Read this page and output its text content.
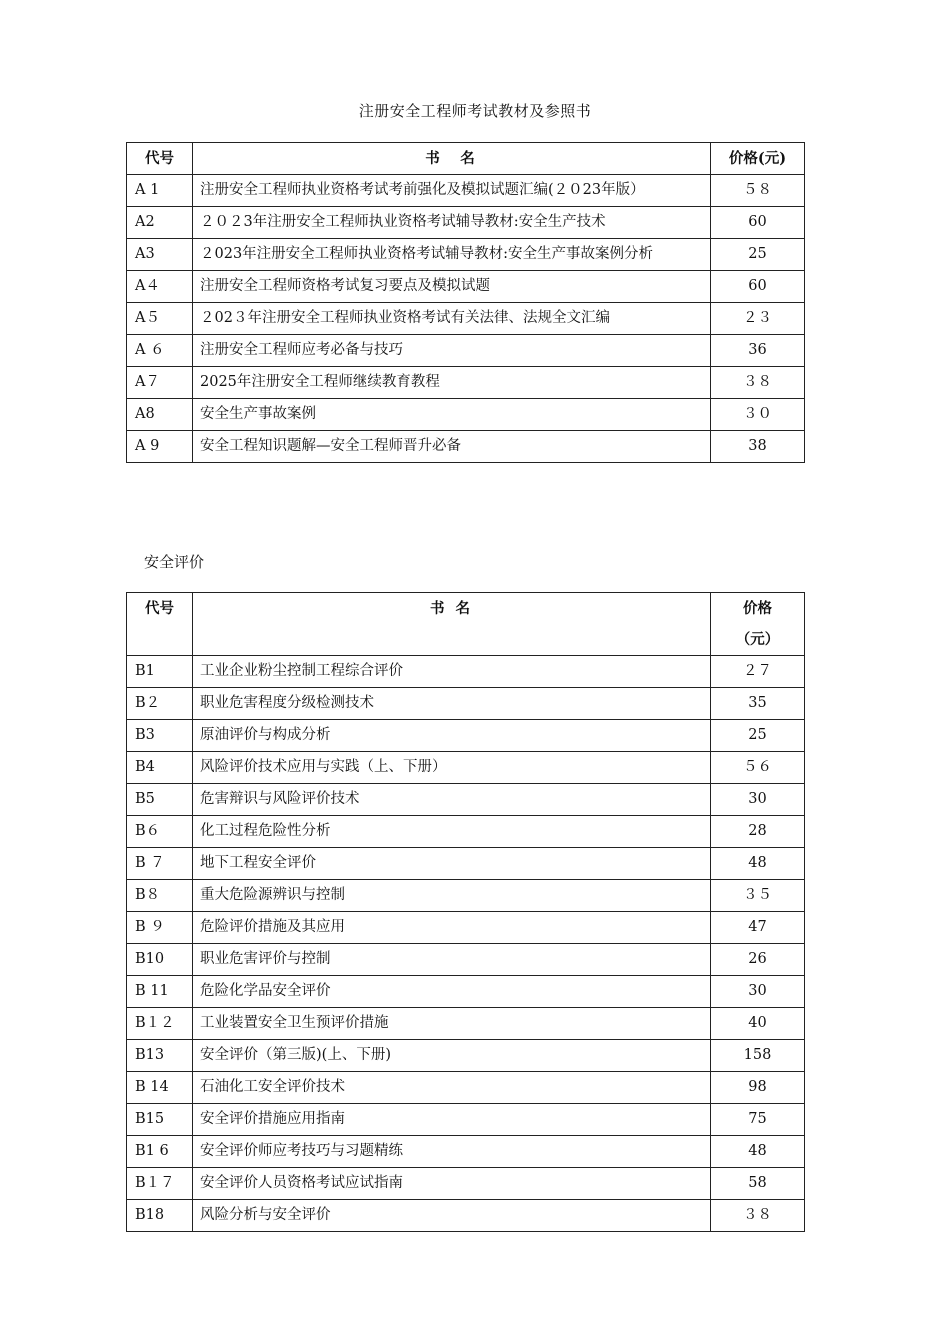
注册安全工程师考试教材及参照书
代号	书　名	价格(元)
A 1	注册安全工程师执业资格考试考前强化及模拟试题汇编(２０23年版）	５８
A2	２０２3年注册安全工程师执业资格考试辅导教材:安全生产技术	60
A3	２023年注册安全工程师执业资格考试辅导教材:安全生产事故案例分析	25
A４	注册安全工程师资格考试复习要点及模拟试题	60
A５	２02３年注册安全工程师执业资格考试有关法律、法规全文汇编	２３
A ６	注册安全工程师应考必备与技巧	36
A７	2025年注册安全工程师继续教育教程	３８
A8	安全生产事故案例	３０
A 9	安全工程知识题解—安全工程师晋升必备	38
安全评价
代号	书 名	价格（元）
B1	工业企业粉尘控制工程综合评价	２７
B２	职业危害程度分级检测技术	35
B3	原油评价与构成分析	25
B4	风险评价技术应用与实践（上、下册）	５６
B5	危害辩识与风险评价技术	30
B６	化工过程危险性分析	28
B ７	地下工程安全评价	48
B８	重大危险源辨识与控制	３５
B ９	危险评价措施及其应用	47
B10	职业危害评价与控制	26
B 11	危险化学品安全评价	30
B１２	工业装置安全卫生预评价措施	40
B13	安全评价（第三版)(上、下册)	158
B 14	石油化工安全评价技术	98
B15	安全评价措施应用指南	75
B1 6	安全评价师应考技巧与习题精练	48
B１７	安全评价人员资格考试应试指南	58
B18	风险分析与安全评价	３８
